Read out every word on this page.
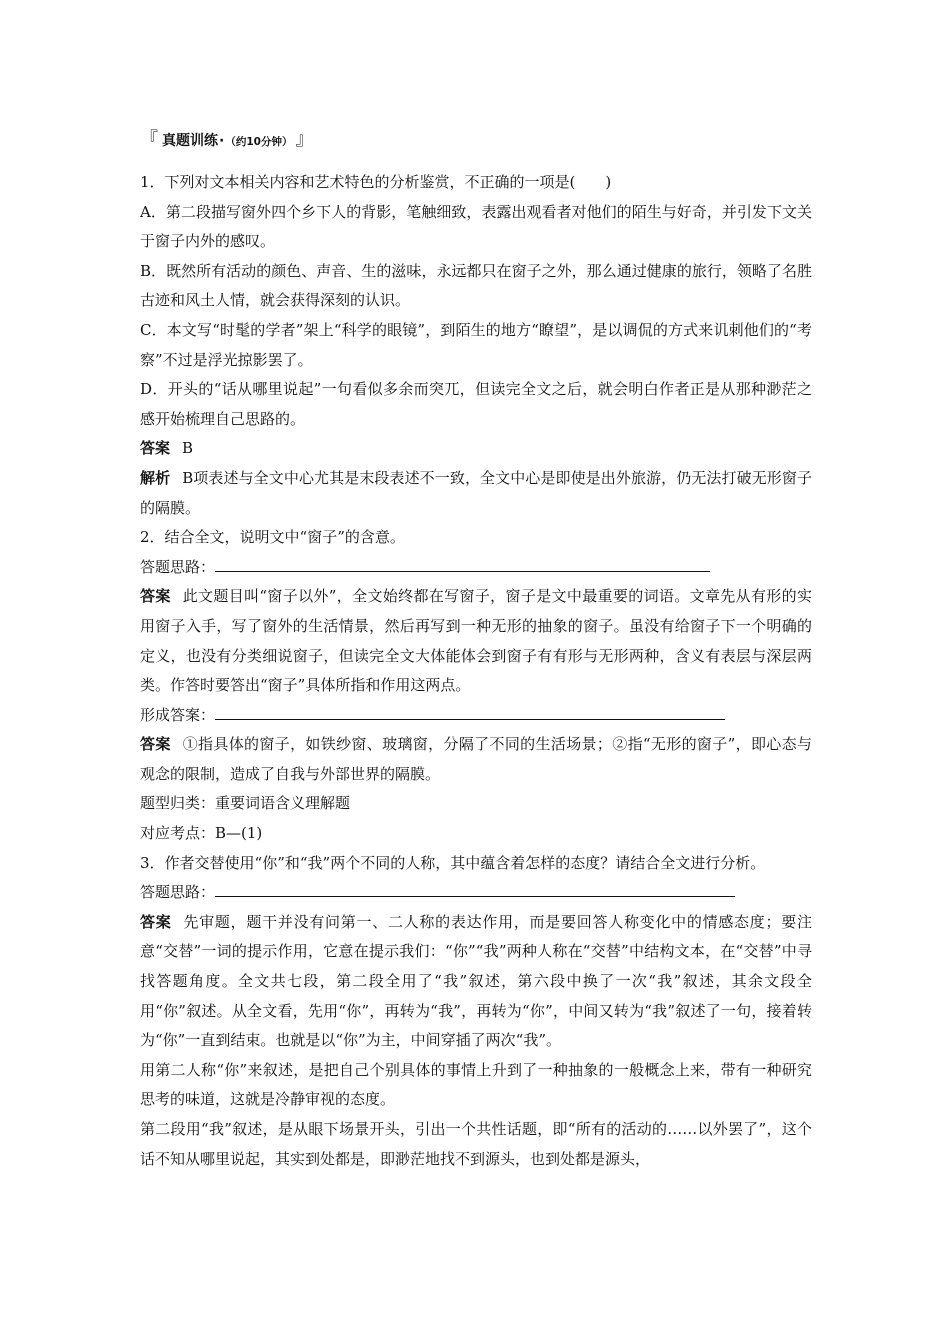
『 真题训练 · （约10分钟） 』

1．下列对文本相关内容和艺术特色的分析鉴赏，不正确的一项是(　　)

A．第二段描写窗外四个乡下人的背影，笔触细致，表露出观看者对他们的陌生与好奇，并引发下文关于窗子内外的感叹。

B．既然所有活动的颜色、声音、生的滋味，永远都只在窗子之外，那么通过健康的旅行，领略了名胜古迹和风土人情，就会获得深刻的认识。

C．本文写“时髦的学者”架上“科学的眼镜”，到陌生的地方“瞭望”，是以调侃的方式来讥刺他们的“考察”不过是浮光掠影罢了。

D．开头的“话从哪里说起”一句看似多余而突兀，但读完全文之后，就会明白作者正是从那种渺茫之感开始梳理自己思路的。

答案 B

解析 B项表述与全文中心尤其是末段表述不一致，全文中心是即使是出外旅游，仍无法打破无形窗子的隔膜。

2．结合全文，说明文中“窗子”的含意。

答题思路：

答案 此文题目叫“窗子以外”，全文始终都在写窗子，窗子是文中最重要的词语。文章先从有形的实用窗子入手，写了窗外的生活情景，然后再写到一种无形的抽象的窗子。虽没有给窗子下一个明确的定义，也没有分类细说窗子，但读完全文大体能体会到窗子有有形与无形两种，含义有表层与深层两类。作答时要答出“窗子”具体所指和作用这两点。

形成答案：

答案 ①指具体的窗子，如铁纱窗、玻璃窗，分隔了不同的生活场景；②指“无形的窗子”，即心态与观念的限制，造成了自我与外部世界的隔膜。

题型归类：重要词语含义理解题

对应考点：B—(1)

3．作者交替使用“你”和“我”两个不同的人称，其中蕴含着怎样的态度？请结合全文进行分析。

答题思路：

答案 先审题，题干并没有问第一、二人称的表达作用，而是要回答人称变化中的情感态度；要注意“交替”一词的提示作用，它意在提示我们：“你”“我”两种人称在“交替”中结构文本，在“交替”中寻找答题角度。全文共七段，第二段全用了“我”叙述，第六段中换了一次“我”叙述，其余文段全用“你”叙述。从全文看，先用“你”，再转为“我”，再转为“你”，中间又转为“我”叙述了一句，接着转为“你”一直到结束。也就是以“你”为主，中间穿插了两次“我”。

用第二人称“你”来叙述，是把自己个别具体的事情上升到了一种抽象的一般概念上来，带有一种研究思考的味道，这就是冷静审视的态度。

第二段用“我”叙述，是从眼下场景开头，引出一个共性话题，即“所有的活动的……以外罢了”，这个话不知从哪里说起，其实到处都是，即渺茫地找不到源头，也到处都是源头，
